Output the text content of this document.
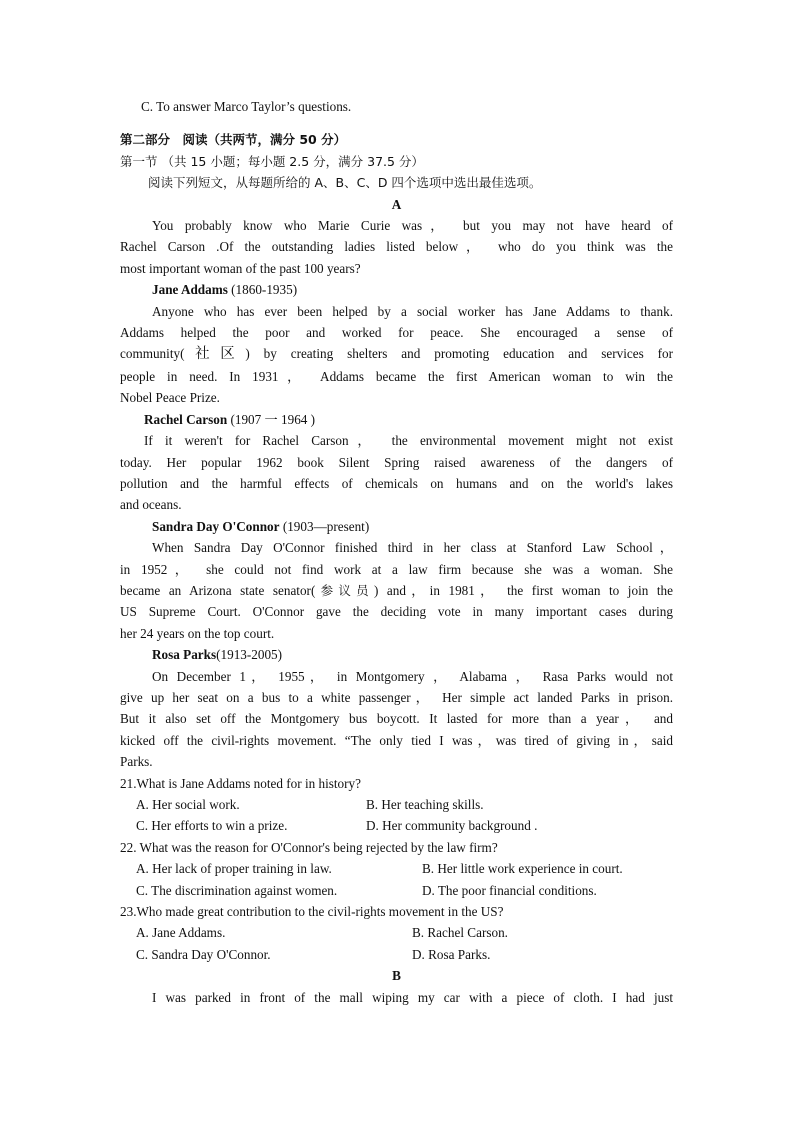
C. To answer Marco Taylor’s questions.
第二部分　阅读（共两节，满分 50 分）
第一节 （共 15 小题；每小题 2.5 分，满分 37.5 分）
阅读下列短文，从每题所给的 A、B、C、D 四个选项中选出最佳选项。
A
You probably know who Marie Curie was， but you may not have heard of
Rachel Carson .Of the outstanding ladies listed below， who do you think was the
most important woman of the past 100 years?
Jane Addams (1860-1935)
Anyone who has ever been helped by a social worker has Jane Addams to thank.
Addams helped the poor and worked for peace. She encouraged a sense of
community(社区) by creating shelters and promoting education and services for
people in need. In 1931， Addams became the first American woman to win the
Nobel Peace Prize.
Rachel Carson (1907 一 1964 )
If it weren't for Rachel Carson， the environmental movement might not exist
today. Her popular 1962 book Silent Spring raised awareness of the dangers of
pollution and the harmful effects of chemicals on humans and on the world's lakes
and oceans.
Sandra Day O'Connor (1903—present)
When Sandra Day O'Connor finished third in her class at Stanford Law School，
in 1952， she could not find work at a law firm because she was a woman. She
became an Arizona state senator(参议员) and，in 1981， the first woman to join the
US Supreme Court. O'Connor gave the deciding vote in many important cases during
her 24 years on the top court.
Rosa Parks(1913-2005)
On December 1， 1955， in Montgomery ， Alabama ， Rasa Parks would not
give up her seat on a bus to a white passenger， Her simple act landed Parks in prison.
But it also set off the Montgomery bus boycott. It lasted for more than a year， and
kicked off the civil-rights movement. “The only tied I was，was tired of giving in，said
Parks.
21.What is Jane Addams noted for in history?
A. Her social work.	B. Her teaching skills.
C. Her efforts to win a prize.	D. Her community background .
22. What was the reason for O'Connor's being rejected by the law firm?
A. Her lack of proper training in law.	B. Her little work experience in court.
C. The discrimination against women.	D. The poor financial conditions.
23.Who made great contribution to the civil-rights movement in the US?
A. Jane Addams.	B. Rachel Carson.
C. Sandra Day O'Connor.	D. Rosa Parks.
B
I was parked in front of the mall wiping my car with a piece of cloth. I had just
